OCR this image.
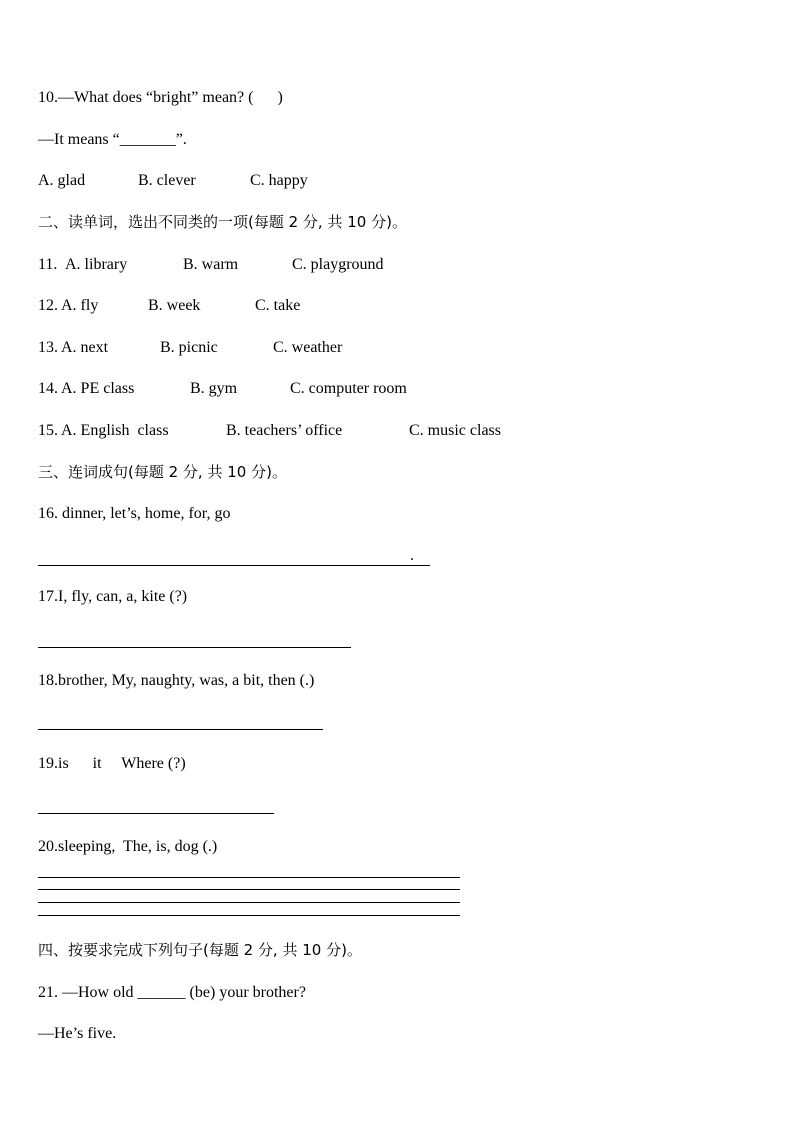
10.—What does “bright” mean? (      )
—It means “_______”.
A. glad	B. clever	C. happy
二、读单词，选出不同类的一项(每题 2 分, 共 10 分)。
11. A. library	B. warm	C. playground
12. A. fly	B. week	C. take
13. A. next	B. picnic	C. weather
14. A. PE class	B. gym	C. computer room
15. A. English  class	B. teachers’ office	C. music class
三、连词成句(每题 2 分, 共 10 分)。
16. dinner, let’s, home, for, go
.
17.I, fly, can, a, kite (?)
18.brother, My, naughty, was, a bit, then (.)
19.is      it     Where (?)
20.sleeping,  The, is, dog (.)
四、按要求完成下列句子(每题 2 分, 共 10 分)。
21. —How old ______ (be) your brother?
—He’s five.
